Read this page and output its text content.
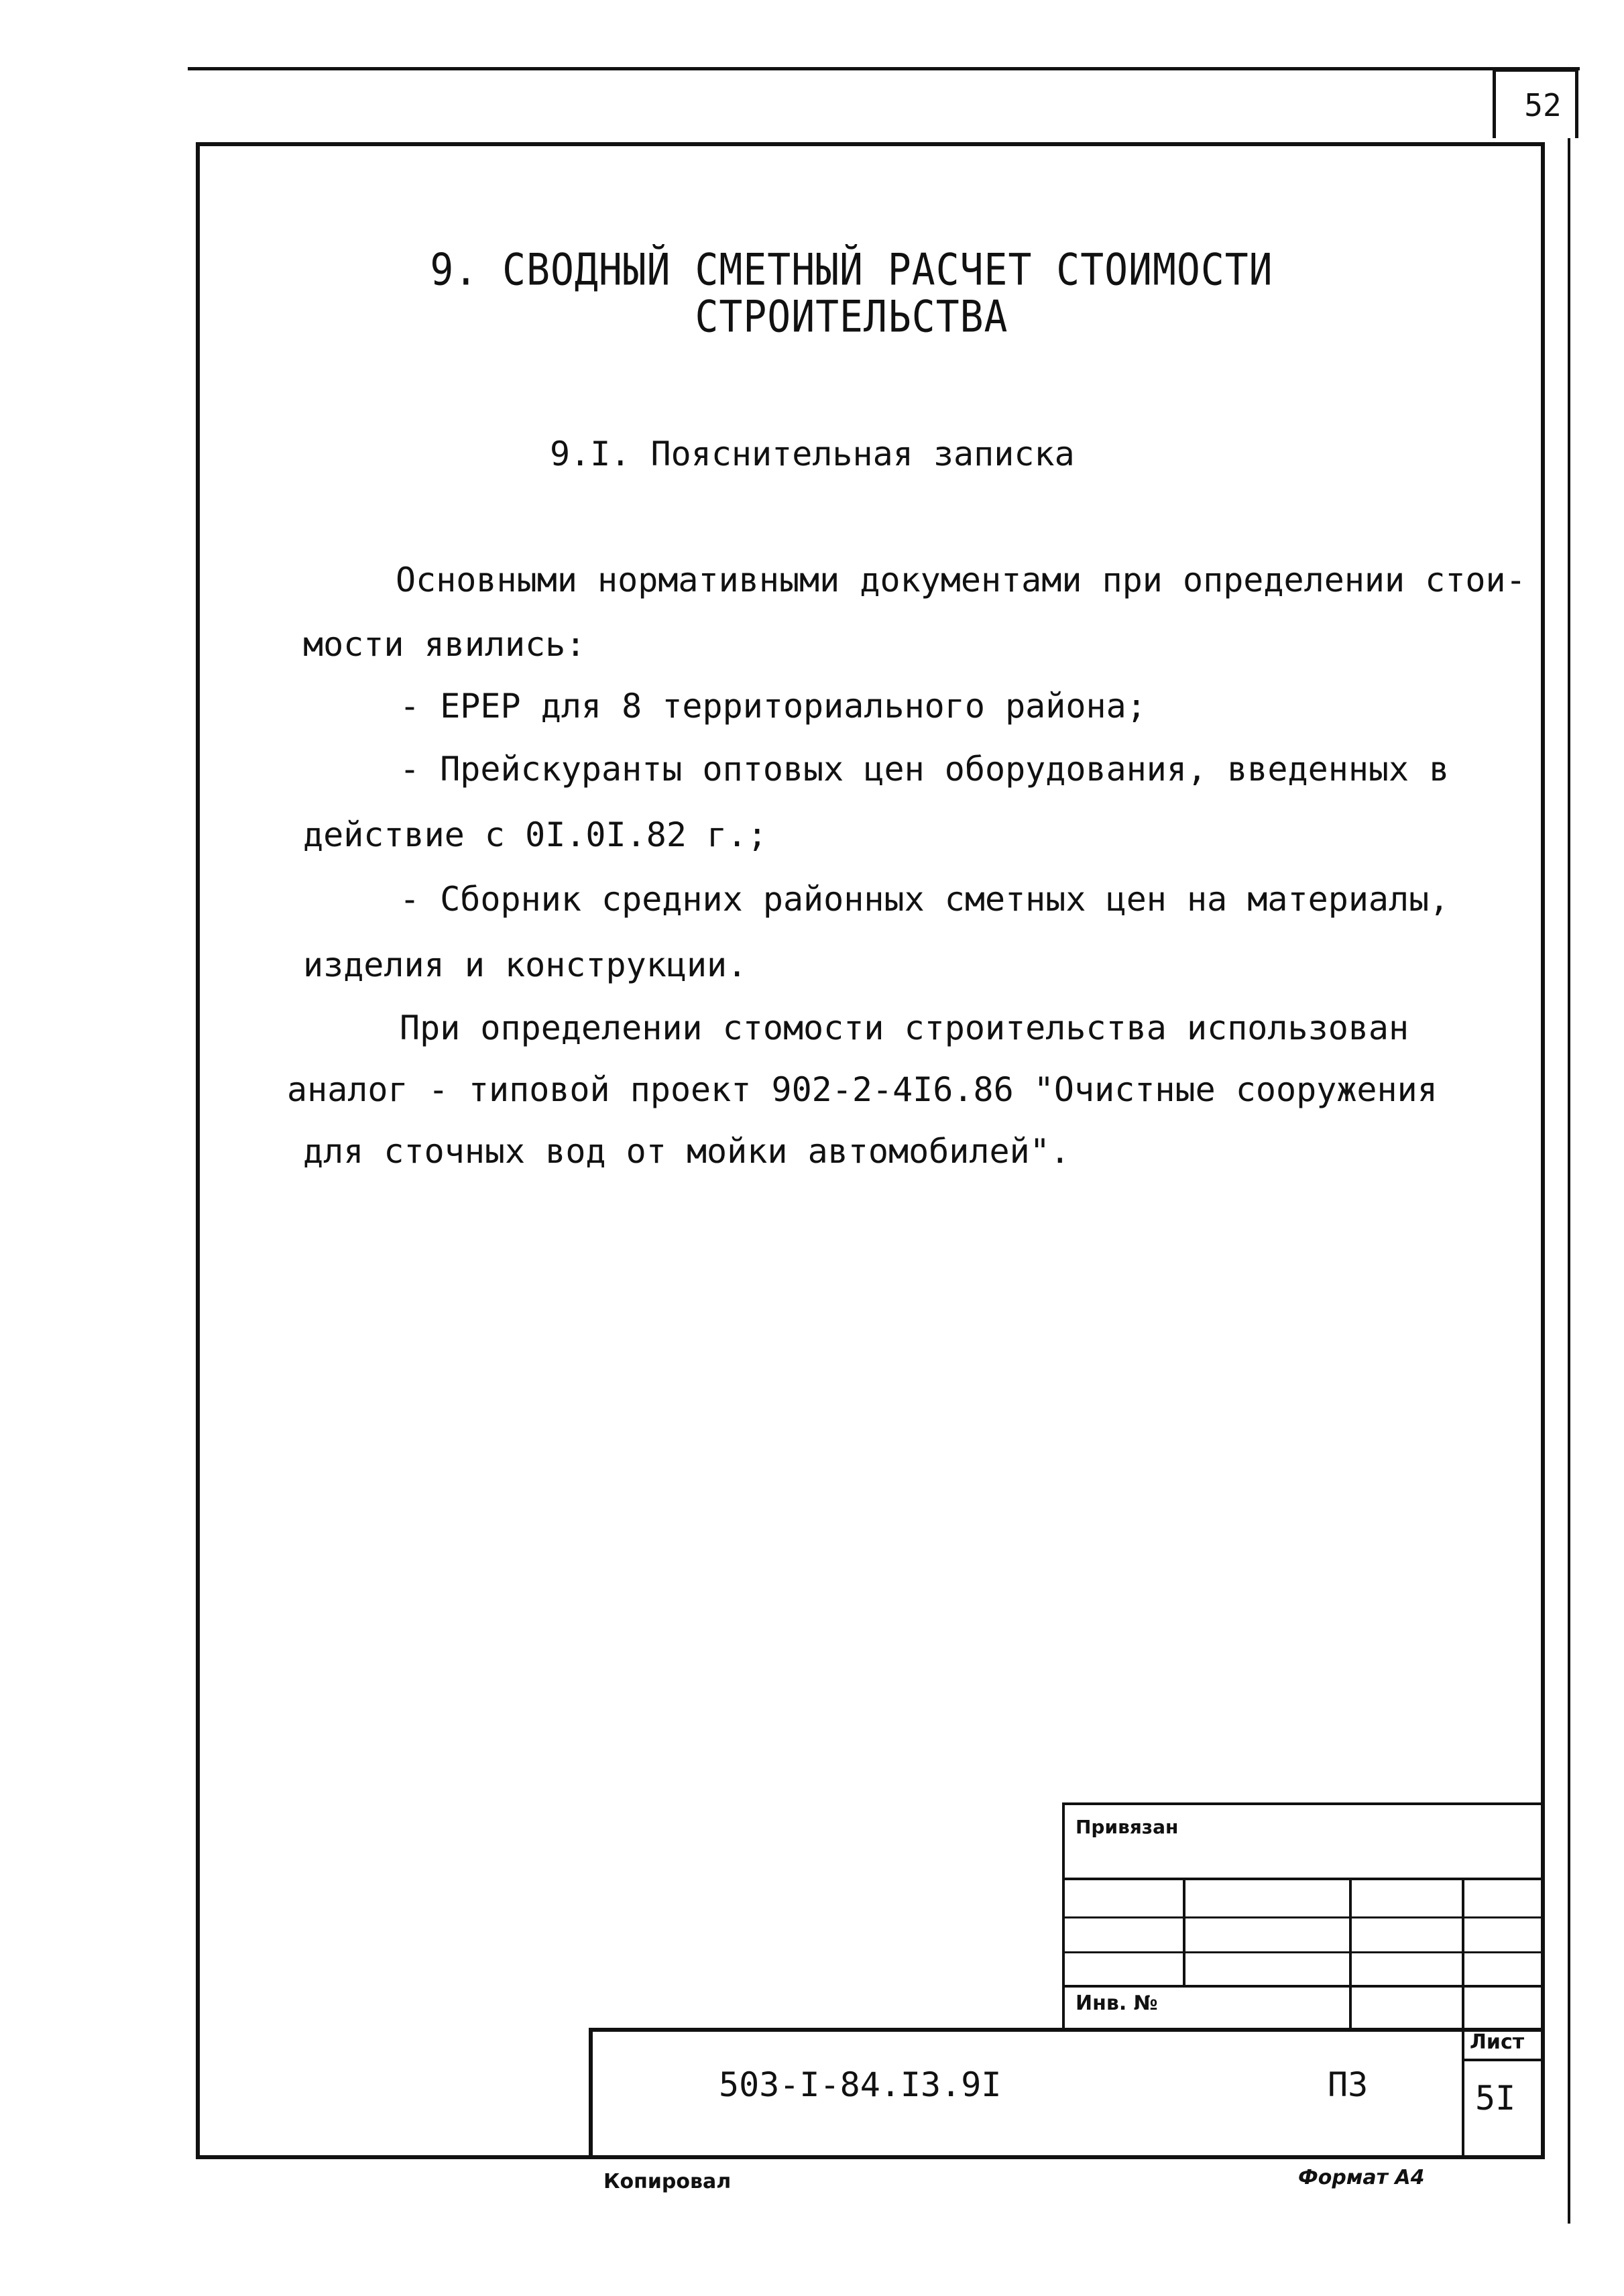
52
9. СВОДНЫЙ СМЕТНЫЙ РАСЧЕТ СТОИМОСТИ
СТРОИТЕЛЬСТВА
9.I. Пояснительная записка
Основными нормативными документами при определении стои-
мости явились:
- ЕРЕР для 8 территориального района;
- Прейскуранты оптовых цен оборудования, введенных в
действие с 0I.0I.82 г.;
- Сборник средних районных сметных цен на материалы,
изделия и конструкции.
При определении стомости строительства использован
аналог - типовой проект 902-2-4I6.86 "Очистные сооружения
для сточных вод от мойки автомобилей".
Привязан
Инв. №
503-I-84.I3.9I	ПЗ
Лист
5I
Копировал	Формат А4
